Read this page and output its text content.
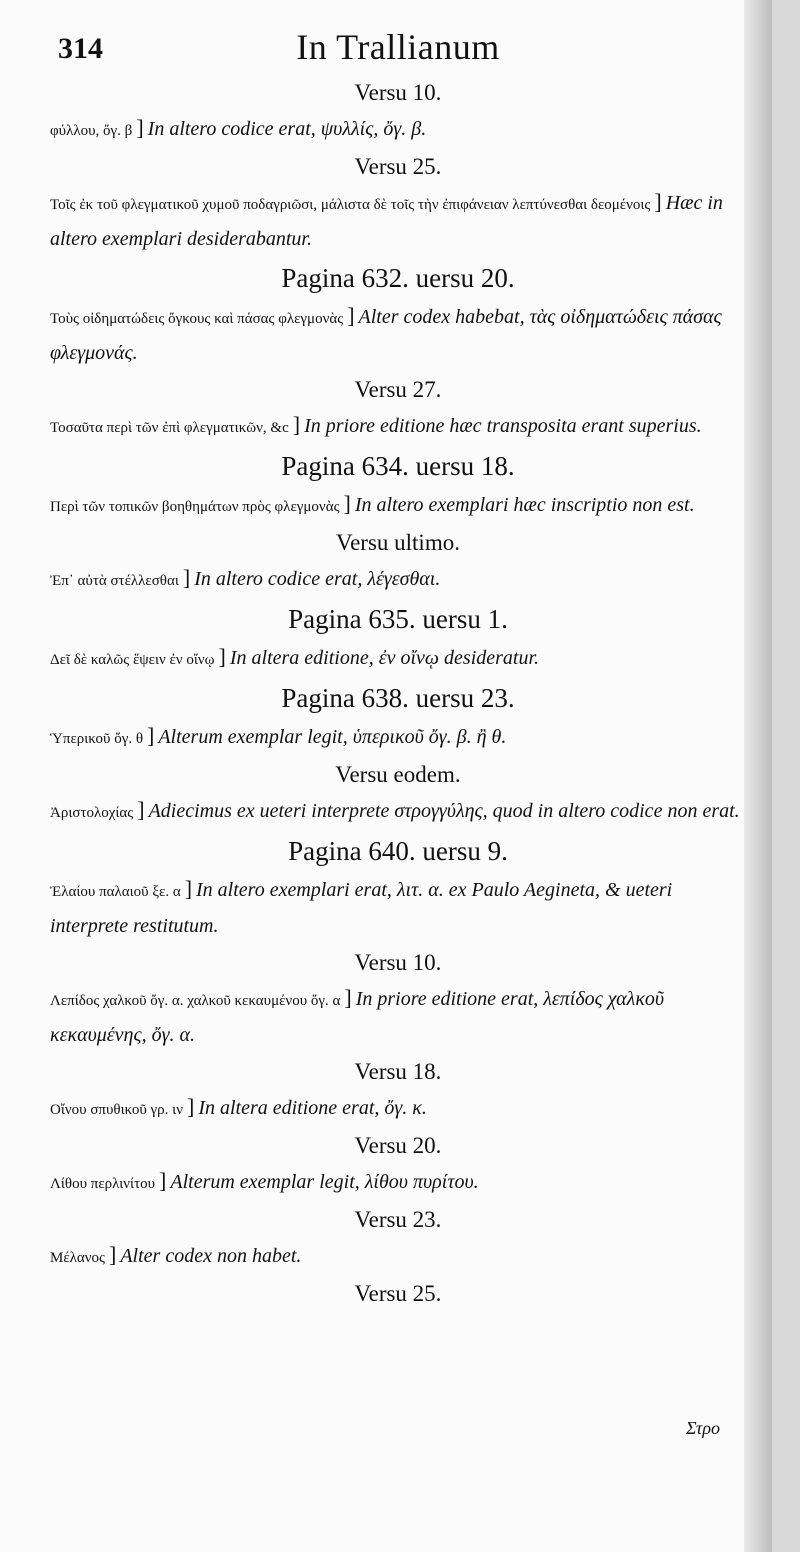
314	In Trallianum
Versu 10.
φύλλου, ὄγ. β ] In altero codice erat, ψυλλίς, ὄγ. β.
Versu 25.
Τοῖς ἐκ τοῦ φλεγματικοῦ χυμοῦ ποδαγριῶσι, μάλιστα δὲ τοῖς τὴν ἐπιφάνειαν λεπτύνεσθαι δεομένοις ] Hæc in altero exemplari desiderabantur.
Pagina 632. uersu 20.
Τοὺς οἰδηματώδεις ὄγκους καὶ πάσας φλεγμονὰς ] Alter codex habebat, τὰς οἰδηματώδεις πάσας φλεγμονάς.
Versu 27.
Τοσαῦτα περὶ τῶν ἐπὶ φλεγματικῶν, &c ] In priore editione hæc transposita erant superius.
Pagina 634. uersu 18.
Περὶ τῶν τοπικῶν βοηθημάτων πρὸς φλεγμονὰς ] In altero exemplari hæc inscriptio non est.
Versu ultimo.
Ἐπ᾽ αὐτὰ στέλλεσθαι ] In altero codice erat, λέγεσθαι.
Pagina 635. uersu 1.
Δεῖ δὲ καλῶς ἕψειν ἐν οἴνῳ ] In altera editione, ἐν οἴνῳ desideratur.
Pagina 638. uersu 23.
Ὑπερικοῦ ὄγ. θ ] Alterum exemplar legit, ὑπερικοῦ ὄγ. β. ἢ θ.
Versu eodem.
Ἀριστολοχίας ] Adiecimus ex ueteri interprete στρογγύλης, quod in altero codice non erat.
Pagina 640. uersu 9.
Ἐλαίου παλαιοῦ ξε. α ] In altero exemplari erat, λιτ. α. ex Paulo Aegineta, & ueteri interprete restitutum.
Versu 10.
Λεπίδος χαλκοῦ ὄγ. α. χαλκοῦ κεκαυμένου ὄγ. α ] In priore editione erat, λεπίδος χαλκοῦ κεκαυμένης, ὄγ. α.
Versu 18.
Οἴνου σπυθικοῦ γρ. ιν ] In altera editione erat, ὄγ. κ.
Versu 20.
Λίθου περλινίτου ] Alterum exemplar legit, λίθου πυρίτου.
Versu 23.
Μέλανος ] Alter codex non habet.
Versu 25.
Στρο
